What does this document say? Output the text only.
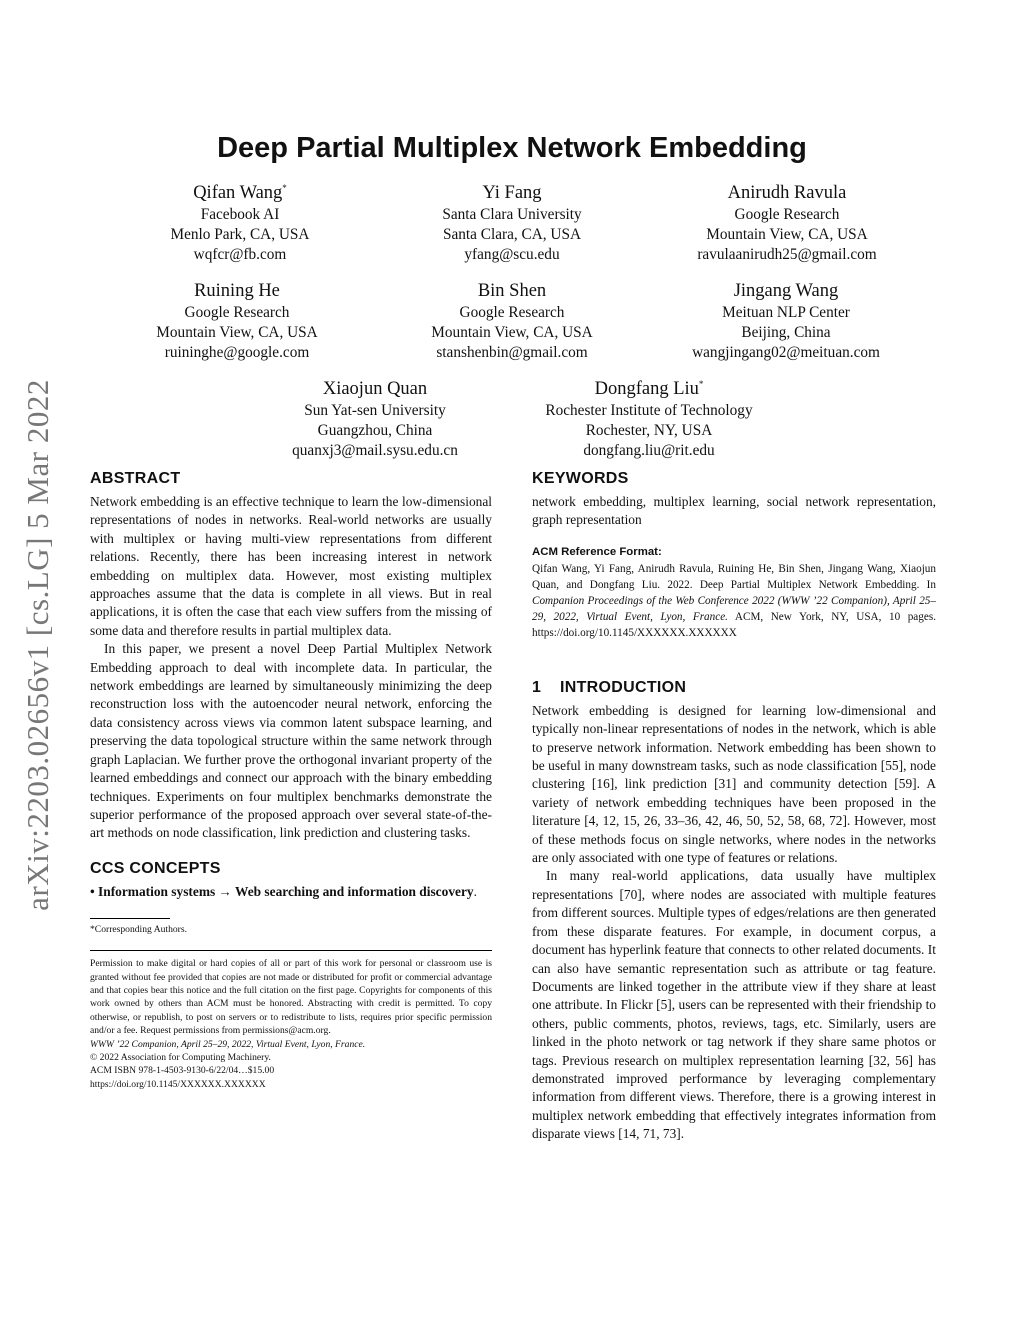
arXiv:2203.02656v1 [cs.LG] 5 Mar 2022
Deep Partial Multiplex Network Embedding
Qifan Wang*
Facebook AI
Menlo Park, CA, USA
wqfcr@fb.com
Yi Fang
Santa Clara University
Santa Clara, CA, USA
yfang@scu.edu
Anirudh Ravula
Google Research
Mountain View, CA, USA
ravulaanirudh25@gmail.com
Ruining He
Google Research
Mountain View, CA, USA
ruininghe@google.com
Bin Shen
Google Research
Mountain View, CA, USA
stanshenbin@gmail.com
Jingang Wang
Meituan NLP Center
Beijing, China
wangjingang02@meituan.com
Xiaojun Quan
Sun Yat-sen University
Guangzhou, China
quanxj3@mail.sysu.edu.cn
Dongfang Liu*
Rochester Institute of Technology
Rochester, NY, USA
dongfang.liu@rit.edu
ABSTRACT

Network embedding is an effective technique to learn the low-dimensional representations of nodes in networks. Real-world networks are usually with multiplex or having multi-view representations from different relations. Recently, there has been increasing interest in network embedding on multiplex data. However, most existing multiplex approaches assume that the data is complete in all views. But in real applications, it is often the case that each view suffers from the missing of some data and therefore results in partial multiplex data.

In this paper, we present a novel Deep Partial Multiplex Network Embedding approach to deal with incomplete data. In particular, the network embeddings are learned by simultaneously minimizing the deep reconstruction loss with the autoencoder neural network, enforcing the data consistency across views via common latent subspace learning, and preserving the data topological structure within the same network through graph Laplacian. We further prove the orthogonal invariant property of the learned embeddings and connect our approach with the binary embedding techniques. Experiments on four multiplex benchmarks demonstrate the superior performance of the proposed approach over several state-of-the-art methods on node classification, link prediction and clustering tasks.

CCS CONCEPTS

• Information systems → Web searching and information discovery.

*Corresponding Authors.

Permission to make digital or hard copies of all or part of this work for personal or classroom use is granted without fee provided that copies are not made or distributed for profit or commercial advantage and that copies bear this notice and the full citation on the first page. Copyrights for components of this work owned by others than ACM must be honored. Abstracting with credit is permitted. To copy otherwise, or republish, to post on servers or to redistribute to lists, requires prior specific permission and/or a fee. Request permissions from permissions@acm.org.

WWW ’22 Companion, April 25–29, 2022, Virtual Event, Lyon, France.

© 2022 Association for Computing Machinery.

ACM ISBN 978-1-4503-9130-6/22/04…$15.00

https://doi.org/10.1145/XXXXXX.XXXXXX

KEYWORDS

network embedding, multiplex learning, social network representation, graph representation

ACM Reference Format:

Qifan Wang, Yi Fang, Anirudh Ravula, Ruining He, Bin Shen, Jingang Wang, Xiaojun Quan, and Dongfang Liu. 2022. Deep Partial Multiplex Network Embedding. In Companion Proceedings of the Web Conference 2022 (WWW ’22 Companion), April 25–29, 2022, Virtual Event, Lyon, France. ACM, New York, NY, USA, 10 pages. https://doi.org/10.1145/XXXXXX.XXXXXX

1 INTRODUCTION

Network embedding is designed for learning low-dimensional and typically non-linear representations of nodes in the network, which is able to preserve network information. Network embedding has been shown to be useful in many downstream tasks, such as node classification [55], node clustering [16], link prediction [31] and community detection [59]. A variety of network embedding techniques have been proposed in the literature [4, 12, 15, 26, 33–36, 42, 46, 50, 52, 58, 68, 72]. However, most of these methods focus on single networks, where nodes in the networks are only associated with one type of features or relations.

In many real-world applications, data usually have multiplex representations [70], where nodes are associated with multiple features from different sources. Multiple types of edges/relations are then generated from these disparate features. For example, in document corpus, a document has hyperlink feature that connects to other related documents. It can also have semantic representation such as attribute or tag feature. Documents are linked together in the attribute view if they share at least one attribute. In Flickr [5], users can be represented with their friendship to others, public comments, photos, reviews, tags, etc. Similarly, users are linked in the photo network or tag network if they share same photos or tags. Previous research on multiplex representation learning [32, 56] has demonstrated improved performance by leveraging complementary information from different views. Therefore, there is a growing interest in multiplex network embedding that effectively integrates information from disparate views [14, 71, 73].
